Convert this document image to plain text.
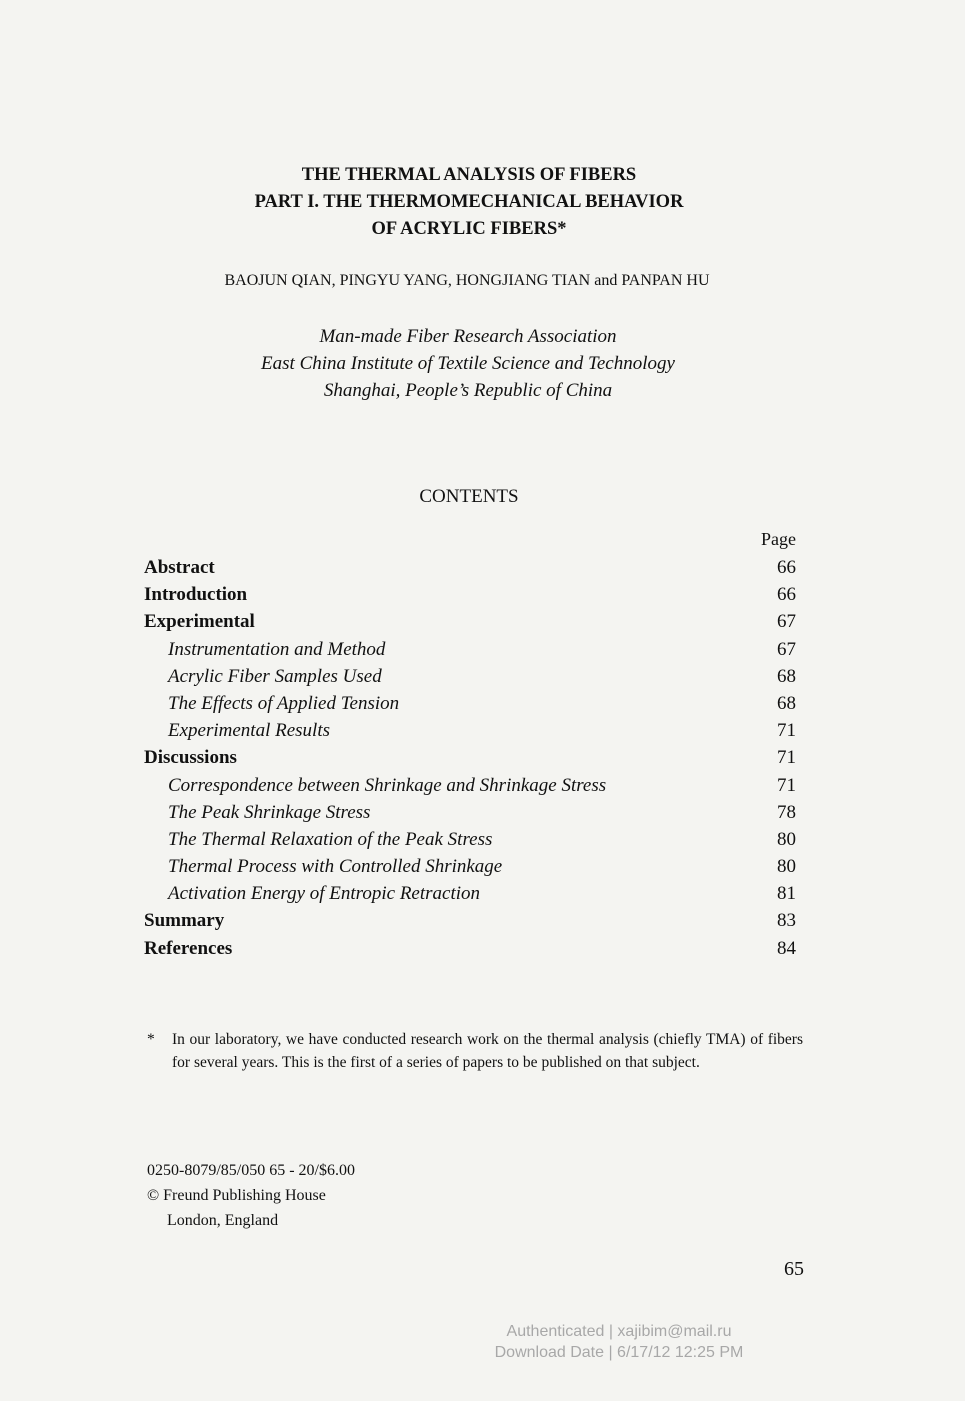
THE THERMAL ANALYSIS OF FIBERS
PART I. THE THERMOMECHANICAL BEHAVIOR
OF ACRYLIC FIBERS*
BAOJUN QIAN, PINGYU YANG, HONGJIANG TIAN and PANPAN HU
Man-made Fiber Research Association
East China Institute of Textile Science and Technology
Shanghai, People’s Republic of China
CONTENTS
Page
Abstract	66
Introduction	66
Experimental	67
Instrumentation and Method	67
Acrylic Fiber Samples Used	68
The Effects of Applied Tension	68
Experimental Results	71
Discussions	71
Correspondence between Shrinkage and Shrinkage Stress	71
The Peak Shrinkage Stress	78
The Thermal Relaxation of the Peak Stress	80
Thermal Process with Controlled Shrinkage	80
Activation Energy of Entropic Retraction	81
Summary	83
References	84
* In our laboratory, we have conducted research work on the thermal analysis (chiefly TMA) of fibers for several years. This is the first of a series of papers to be published on that subject.
0250-8079/85/050 65 - 20/$6.00
© Freund Publishing House
London, England
65
Authenticated | xajibim@mail.ru
Download Date | 6/17/12 12:25 PM
